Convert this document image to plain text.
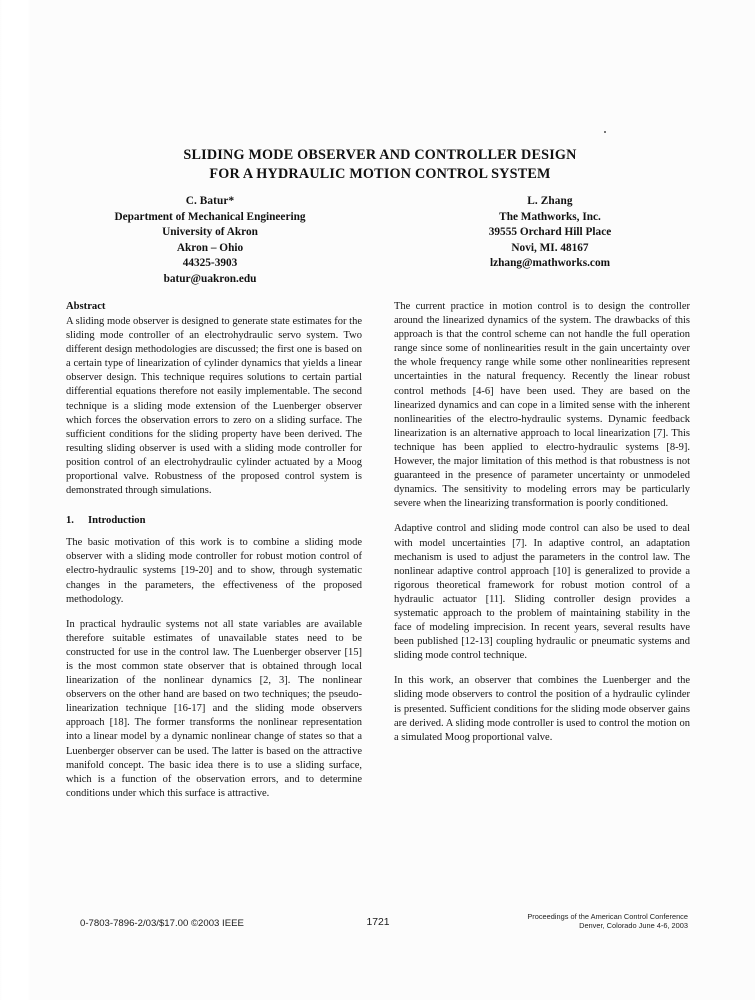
SLIDING MODE OBSERVER AND CONTROLLER DESIGN
FOR A HYDRAULIC MOTION CONTROL SYSTEM
C. Batur*
Department of Mechanical Engineering
University of Akron
Akron – Ohio
44325-3903
batur@uakron.edu
L. Zhang
The Mathworks, Inc.
39555 Orchard Hill Place
Novi, MI. 48167
lzhang@mathworks.com
Abstract

A sliding mode observer is designed to generate state estimates for the sliding mode controller of an electrohydraulic servo system. Two different design methodologies are discussed; the first one is based on a certain type of linearization of cylinder dynamics that yields a linear observer design. This technique requires solutions to certain partial differential equations therefore not easily implementable. The second technique is a sliding mode extension of the Luenberger observer which forces the observation errors to zero on a sliding surface. The sufficient conditions for the sliding property have been derived. The resulting sliding observer is used with a sliding mode controller for position control of an electrohydraulic cylinder actuated by a Moog proportional valve. Robustness of the proposed control system is demonstrated through simulations.

1. Introduction

The basic motivation of this work is to combine a sliding mode observer with a sliding mode controller for robust motion control of electro-hydraulic systems [19-20] and to show, through systematic changes in the parameters, the effectiveness of the proposed methodology.

In practical hydraulic systems not all state variables are available therefore suitable estimates of unavailable states need to be constructed for use in the control law. The Luenberger observer [15] is the most common state observer that is obtained through local linearization of the nonlinear dynamics [2, 3]. The nonlinear observers on the other hand are based on two techniques; the pseudo-linearization technique [16-17] and the sliding mode observers approach [18]. The former transforms the nonlinear representation into a linear model by a dynamic nonlinear change of states so that a Luenberger observer can be used. The latter is based on the attractive manifold concept. The basic idea there is to use a sliding surface, which is a function of the observation errors, and to determine conditions under which this surface is attractive.

The current practice in motion control is to design the controller around the linearized dynamics of the system. The drawbacks of this approach is that the control scheme can not handle the full operation range since some of nonlinearities result in the gain uncertainty over the whole frequency range while some other nonlinearities represent uncertainties in the natural frequency. Recently the linear robust control methods [4-6] have been used. They are based on the linearized dynamics and can cope in a limited sense with the inherent nonlinearities of the electro-hydraulic systems. Dynamic feedback linearization is an alternative approach to local linearization [7]. This technique has been applied to electro-hydraulic systems [8-9]. However, the major limitation of this method is that robustness is not guaranteed in the presence of parameter uncertainty or unmodeled dynamics. The sensitivity to modeling errors may be particularly severe when the linearizing transformation is poorly conditioned.

Adaptive control and sliding mode control can also be used to deal with model uncertainties [7]. In adaptive control, an adaptation mechanism is used to adjust the parameters in the control law. The nonlinear adaptive control approach [10] is generalized to provide a rigorous theoretical framework for robust motion control of a hydraulic actuator [11]. Sliding controller design provides a systematic approach to the problem of maintaining stability in the face of modeling imprecision. In recent years, several results have been published [12-13] coupling hydraulic or pneumatic systems and sliding mode control technique.

In this work, an observer that combines the Luenberger and the sliding mode observers to control the position of a hydraulic cylinder is presented. Sufficient conditions for the sliding mode observer gains are derived. A sliding mode controller is used to control the motion on a simulated Moog proportional valve.

0-7803-7896-2/03/$17.00 ©2003 IEEE	1721
Proceedings of the American Control Conference
Denver, Colorado June 4-6, 2003
